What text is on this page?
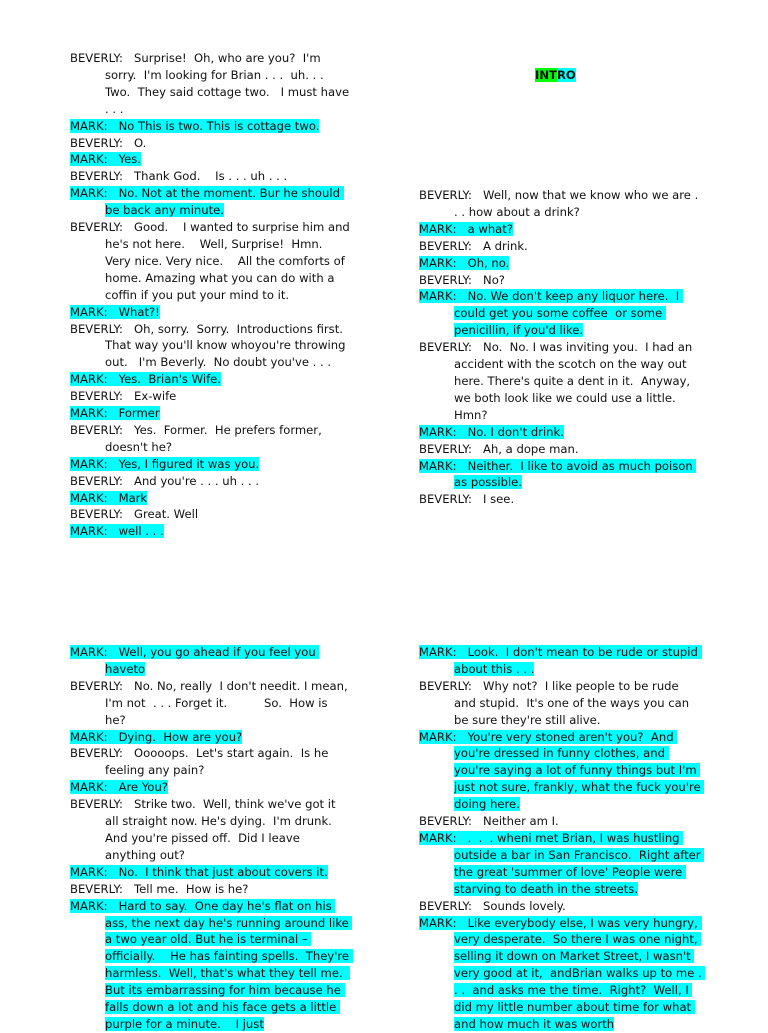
INTRO
BEVERLY: Surprise!  Oh, who are you?  I'm sorry.  I'm looking for Brian . . .  uh. . .  Two.  They said cottage two.   I must have . . .
MARK: No This is two. This is cottage two.
BEVERLY: O.
MARK: Yes.
BEVERLY: Thank God.    Is . . . uh . . .
MARK: No. Not at the moment. Bur he should be back any minute.
BEVERLY: Good.    I wanted to surprise him and he's not here.    Well, Surprise!  Hmn. Very nice. Very nice.    All the comforts of home. Amazing what you can do with a coffin if you put your mind to it.
MARK: What?!
BEVERLY: Oh, sorry.  Sorry.  Introductions first.  That way you'll know whoyou're throwing out.   I'm Beverly.  No doubt you've . . .
MARK: Yes.  Brian's Wife.
BEVERLY: Ex-wife
MARK: Former
BEVERLY: Yes.  Former.  He prefers former, doesn't he?
MARK: Yes, I figured it was you.
BEVERLY: And you're . . . uh . . .
MARK: Mark
BEVERLY: Great. Well
MARK: well . . .
BEVERLY: Well, now that we know who we are . . . how about a drink?
MARK: a what?
BEVERLY: A drink.
MARK: Oh, no.
BEVERLY: No?
MARK: No. We don't keep any liquor here.  I could get you some coffee  or some penicillin, if you'd like.
BEVERLY: No.  No. I was inviting you.  I had an accident with the scotch on the way out here. There's quite a dent in it.  Anyway, we both look like we could use a little.  Hmn?
MARK: No. I don't drink.
BEVERLY: Ah, a dope man.
MARK: Neither.  I like to avoid as much poison as possible.
BEVERLY: I see.
MARK: Well, you go ahead if you feel you haveto
BEVERLY: No. No, really  I don't needit. I mean, I'm not  . . . Forget it.          So.  How is he?
MARK: Dying.  How are you?
BEVERLY: Ooooops.  Let's start again.  Is he feeling any pain?
MARK: Are You?
BEVERLY: Strike two.  Well, think we've got it all straight now. He's dying.  I'm drunk.  And you're pissed off.  Did I leave anything out?
MARK: No.  I think that just about covers it.
BEVERLY: Tell me.  How is he?
MARK: Hard to say.  One day he's flat on his ass, the next day he's running around like a two year old. But he is terminal – officially.    He has fainting spells.  They're harmless.  Well, that's what they tell me.  But its embarrassing for him because he falls down a lot and his face gets a little purple for a minute.    I just
MARK: Look.  I don't mean to be rude or stupid about this . . .
BEVERLY: Why not?  I like people to be rude and stupid.  It's one of the ways you can be sure they're still alive.
MARK: You're very stoned aren't you?  And you're dressed in funny clothes, and you're saying a lot of funny things but I'm just not sure, frankly, what the fuck you're doing here.
BEVERLY: Neither am I.
MARK: .  .  . wheni met Brian, I was hustling outside a bar in San Francisco.  Right after the great 'summer of love' People were starving to death in the streets.
BEVERLY: Sounds lovely.
MARK: Like everybody else, I was very hungry, very desperate.  So there I was one night, selling it down on Market Street, I wasn't very good at it,  andBrian walks up to me . . .  and asks me the time.  Right?  Well, I did my little number about time for what and how much it was worth
